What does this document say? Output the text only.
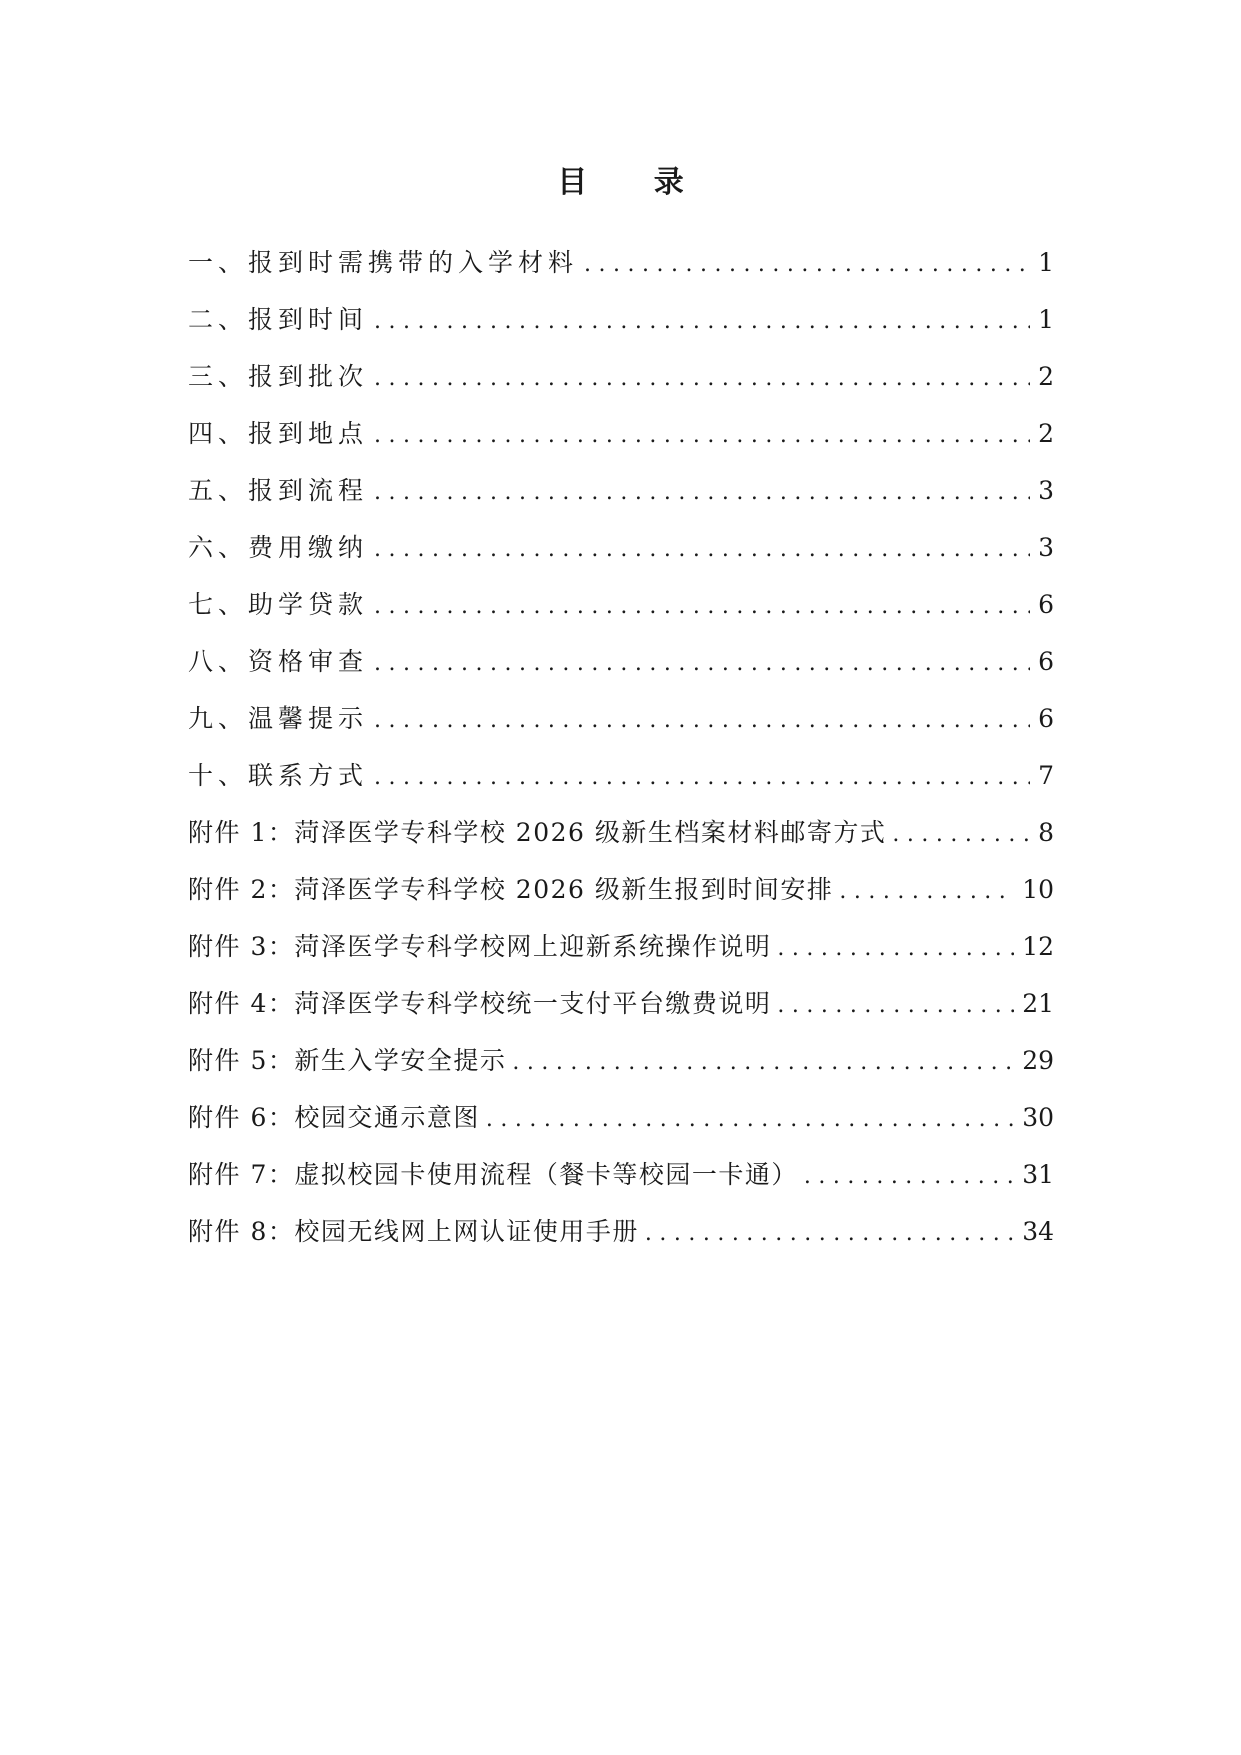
目 录
一、报到时需携带的入学材料 .....	1
二、报到时间 .....	1
三、报到批次 .....	2
四、报到地点 .....	2
五、报到流程 .....	3
六、费用缴纳 .....	3
七、助学贷款 .....	6
八、资格审查 .....	6
九、温馨提示 .....	6
十、联系方式 .....	7
附件 1：菏泽医学专科学校 2026 级新生档案材料邮寄方式 .....	8
附件 2：菏泽医学专科学校 2026 级新生报到时间安排 .....	10
附件 3：菏泽医学专科学校网上迎新系统操作说明 .....	12
附件 4：菏泽医学专科学校统一支付平台缴费说明 .....	21
附件 5：新生入学安全提示 .....	29
附件 6：校园交通示意图 .....	30
附件 7：虚拟校园卡使用流程（餐卡等校园一卡通） .....	31
附件 8：校园无线网上网认证使用手册 .....	34
